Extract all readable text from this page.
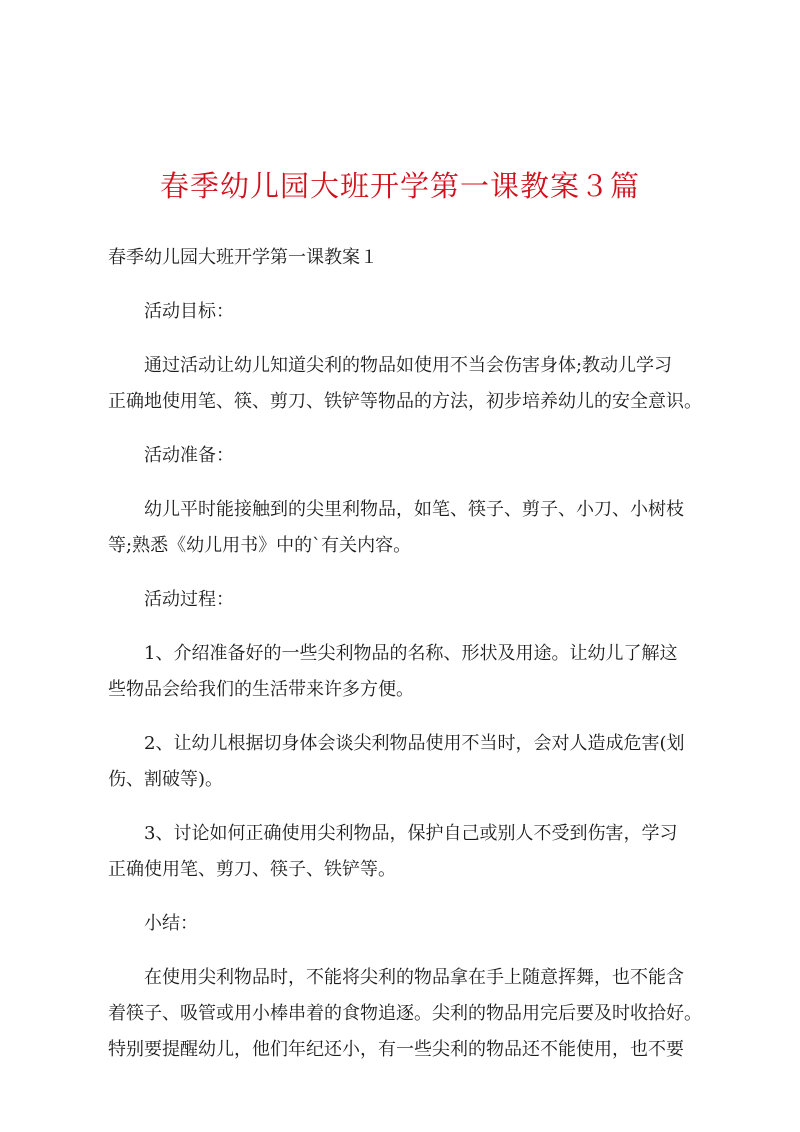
春季幼儿园大班开学第一课教案３篇

春季幼儿园大班开学第一课教案１

活动目标：

通过活动让幼儿知道尖利的物品如使用不当会伤害身体;教动儿学习

正确地使用笔、筷、剪刀、铁铲等物品的方法，初步培养幼儿的安全意识。

活动准备：

幼儿平时能接触到的尖里利物品，如笔、筷子、剪子、小刀、小树枝

等;熟悉《幼儿用书》中的`有关内容。

活动过程：

1、介绍准备好的一些尖利物品的名称、形状及用途。让幼儿了解这

些物品会给我们的生活带来许多方便。

2、让幼儿根据切身体会谈尖利物品使用不当时，会对人造成危害(划

伤、割破等)。

3、讨论如何正确使用尖利物品，保护自己或别人不受到伤害，学习

正确使用笔、剪刀、筷子、铁铲等。

小结：

在使用尖利物品时，不能将尖利的物品拿在手上随意挥舞，也不能含

着筷子、吸管或用小棒串着的食物追逐。尖利的物品用完后要及时收拾好。

特别要提醒幼儿，他们年纪还小，有一些尖利的物品还不能使用，也不要
